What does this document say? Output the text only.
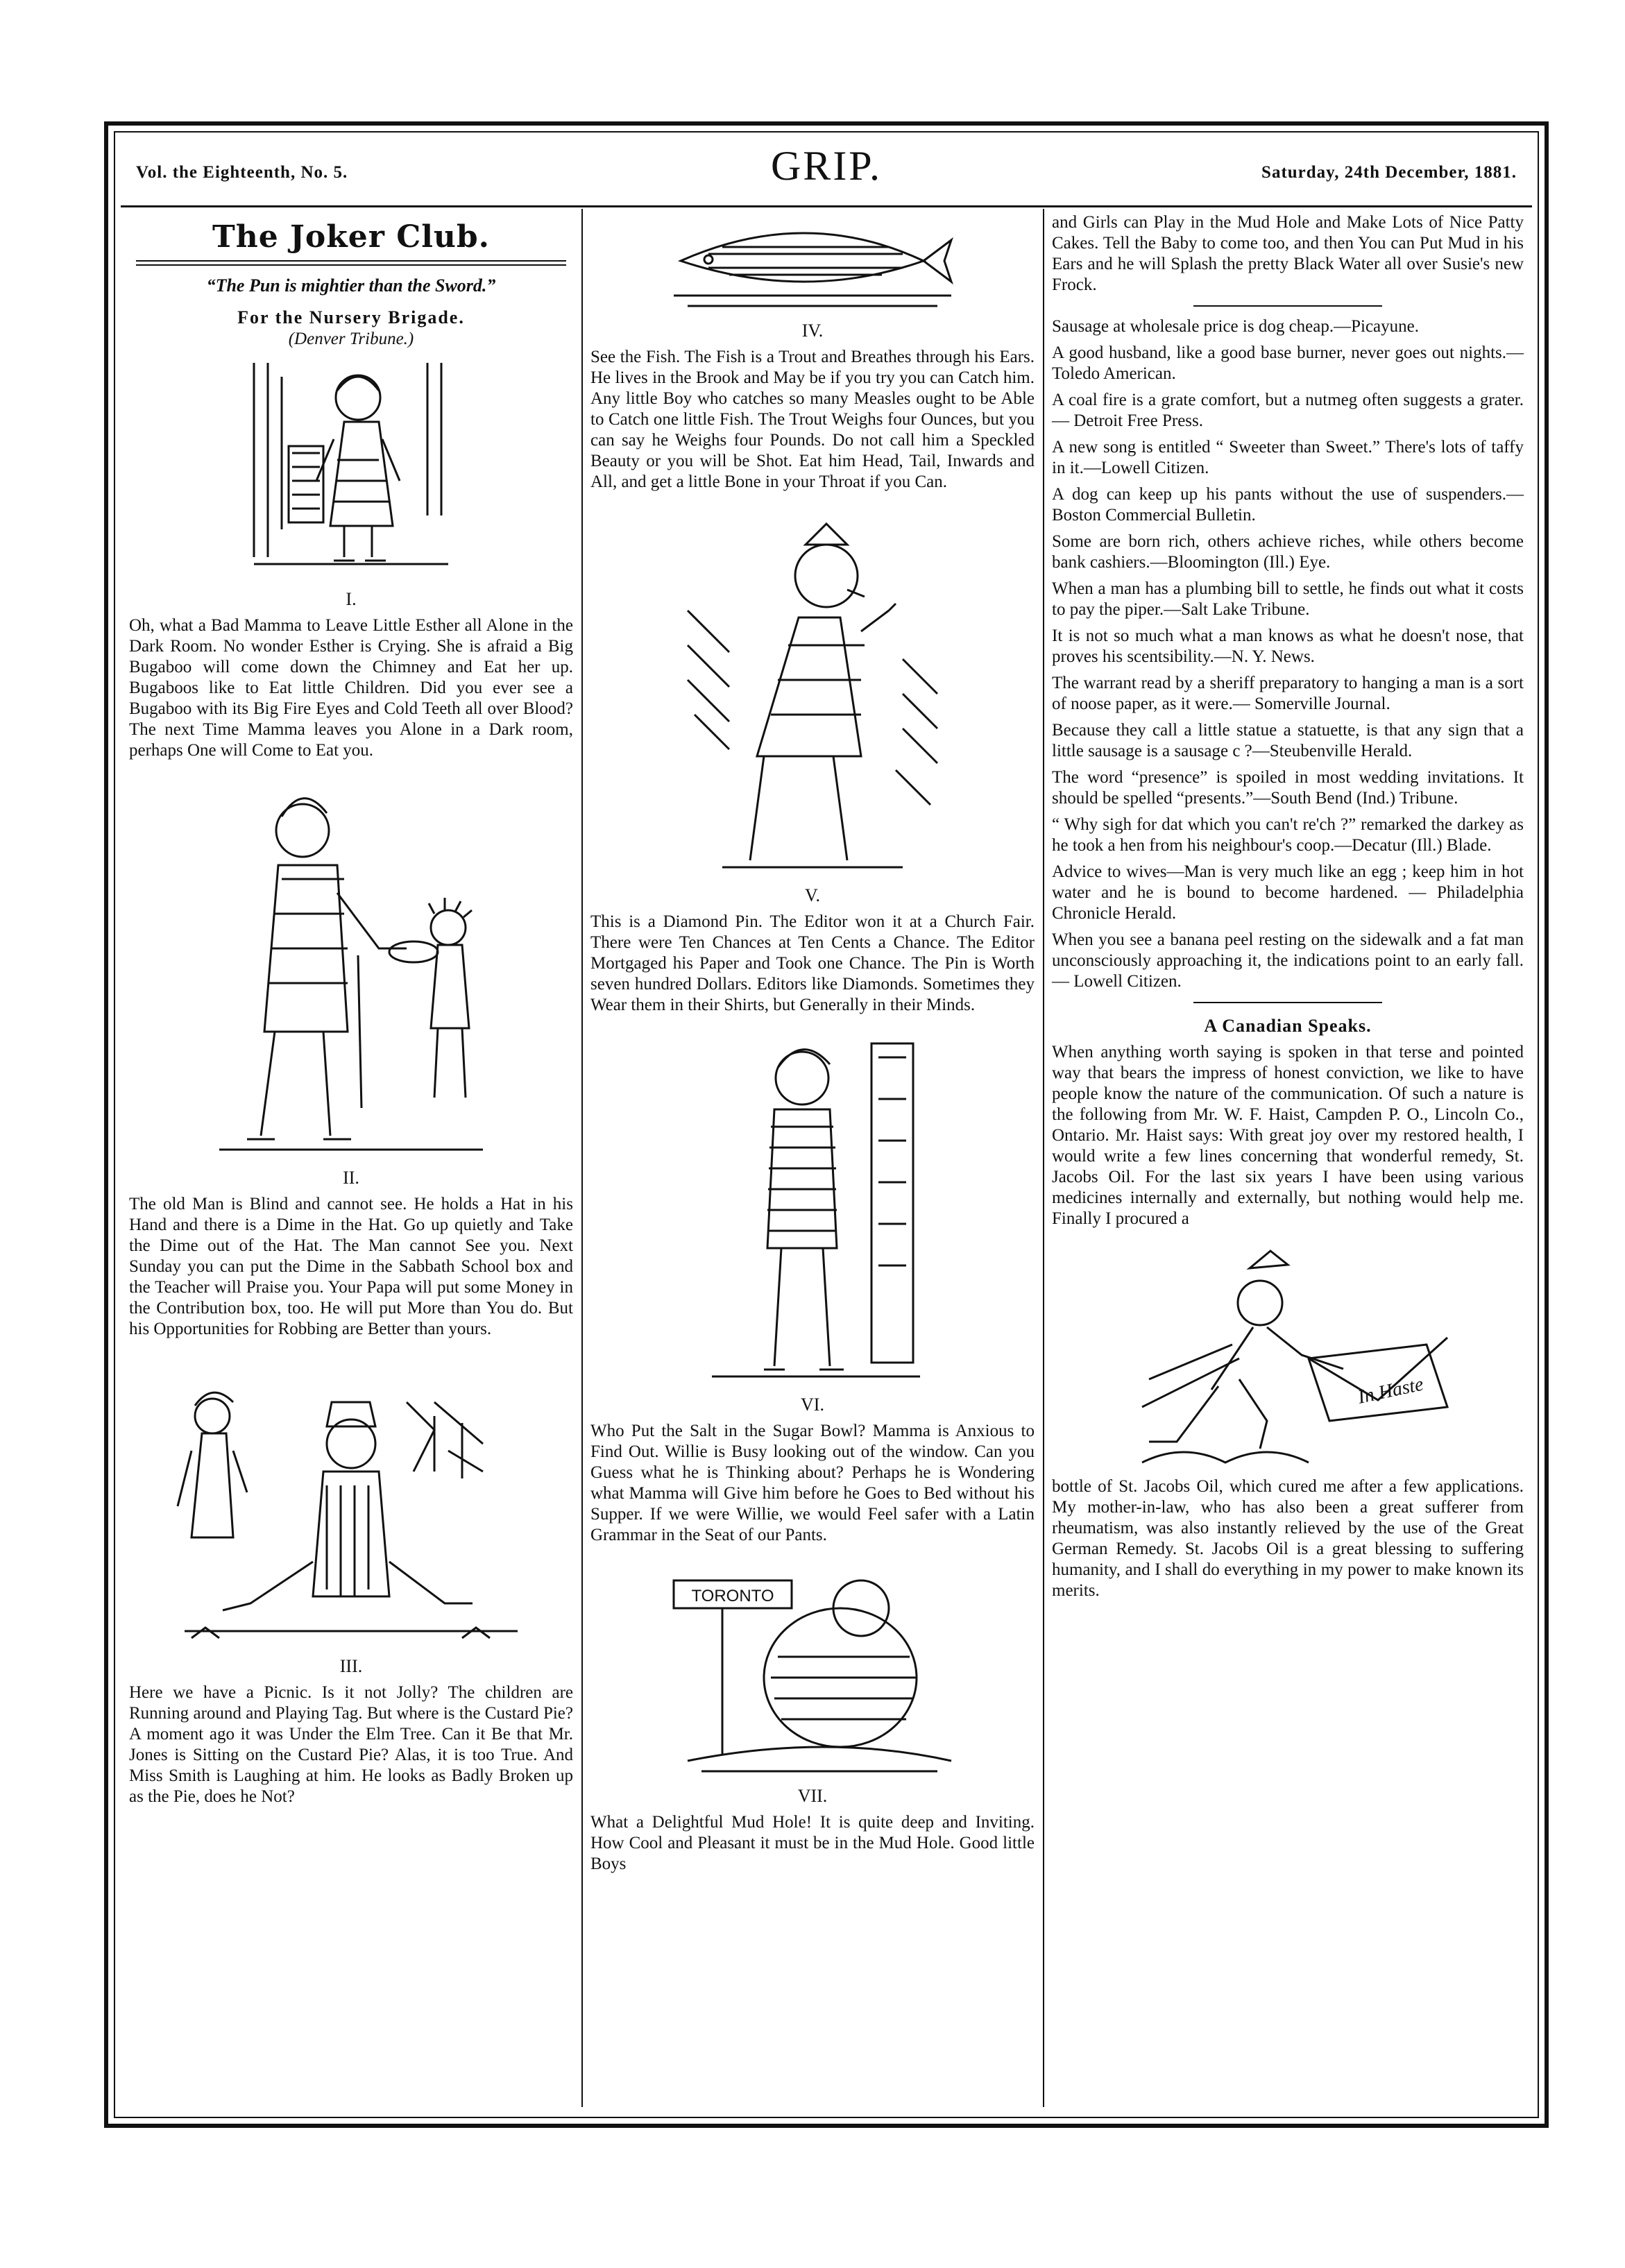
Vol. the Eighteenth, No. 5.	GRIP.	Saturday, 24th December, 1881.
The Joker Club.
“The Pun is mightier than the Sword.”
For the Nursery Brigade.
(Denver Tribune.)
I.

Oh, what a Bad Mamma to Leave Little Esther all Alone in the Dark Room. No wonder Esther is Crying. She is afraid a Big Bugaboo will come down the Chimney and Eat her up. Bugaboos like to Eat little Children. Did you ever see a Bugaboo with its Big Fire Eyes and Cold Teeth all over Blood? The next Time Mamma leaves you Alone in a Dark room, perhaps One will Come to Eat you.

II.

The old Man is Blind and cannot see. He holds a Hat in his Hand and there is a Dime in the Hat. Go up quietly and Take the Dime out of the Hat. The Man cannot See you. Next Sunday you can put the Dime in the Sabbath School box and the Teacher will Praise you. Your Papa will put some Money in the Contribution box, too. He will put More than You do. But his Opportunities for Robbing are Better than yours.

III.

Here we have a Picnic. Is it not Jolly? The children are Running around and Playing Tag. But where is the Custard Pie? A moment ago it was Under the Elm Tree. Can it Be that Mr. Jones is Sitting on the Custard Pie? Alas, it is too True. And Miss Smith is Laughing at him. He looks as Badly Broken up as the Pie, does he Not?

IV.

See the Fish. The Fish is a Trout and Breathes through his Ears. He lives in the Brook and May be if you try you can Catch him. Any little Boy who catches so many Measles ought to be Able to Catch one little Fish. The Trout Weighs four Ounces, but you can say he Weighs four Pounds. Do not call him a Speckled Beauty or you will be Shot. Eat him Head, Tail, Inwards and All, and get a little Bone in your Throat if you Can.

V.

This is a Diamond Pin. The Editor won it at a Church Fair. There were Ten Chances at Ten Cents a Chance. The Editor Mortgaged his Paper and Took one Chance. The Pin is Worth seven hundred Dollars. Editors like Diamonds. Sometimes they Wear them in their Shirts, but Generally in their Minds.

VI.

Who Put the Salt in the Sugar Bowl? Mamma is Anxious to Find Out. Willie is Busy looking out of the window. Can you Guess what he is Thinking about? Perhaps he is Wondering what Mamma will Give him before he Goes to Bed without his Supper. If we were Willie, we would Feel safer with a Latin Grammar in the Seat of our Pants.

TORONTO
VII.

What a Delightful Mud Hole! It is quite deep and Inviting. How Cool and Pleasant it must be in the Mud Hole. Good little Boys

and Girls can Play in the Mud Hole and Make Lots of Nice Patty Cakes. Tell the Baby to come too, and then You can Put Mud in his Ears and he will Splash the pretty Black Water all over Susie's new Frock.

Sausage at wholesale price is dog cheap.—Picayune.

A good husband, like a good base burner, never goes out nights.—Toledo American.

A coal fire is a grate comfort, but a nutmeg often suggests a grater.— Detroit Free Press.

A new song is entitled “ Sweeter than Sweet.” There's lots of taffy in it.—Lowell Citizen.

A dog can keep up his pants without the use of suspenders.—Boston Commercial Bulletin.

Some are born rich, others achieve riches, while others become bank cashiers.—Bloomington (Ill.) Eye.

When a man has a plumbing bill to settle, he finds out what it costs to pay the piper.—Salt Lake Tribune.

It is not so much what a man knows as what he doesn't nose, that proves his scentsibility.—N. Y. News.

The warrant read by a sheriff preparatory to hanging a man is a sort of noose paper, as it were.— Somerville Journal.

Because they call a little statue a statuette, is that any sign that a little sausage is a sausage c ?—Steubenville Herald.

The word “presence” is spoiled in most wedding invitations. It should be spelled “presents.”—South Bend (Ind.) Tribune.

“ Why sigh for dat which you can't re'ch ?” remarked the darkey as he took a hen from his neighbour's coop.—Decatur (Ill.) Blade.

Advice to wives—Man is very much like an egg ; keep him in hot water and he is bound to become hardened. — Philadelphia Chronicle Herald.

When you see a banana peel resting on the sidewalk and a fat man unconsciously approaching it, the indications point to an early fall.— Lowell Citizen.

A Canadian Speaks.

When anything worth saying is spoken in that terse and pointed way that bears the impress of honest conviction, we like to have people know the nature of the communication. Of such a nature is the following from Mr. W. F. Haist, Campden P. O., Lincoln Co., Ontario. Mr. Haist says: With great joy over my restored health, I would write a few lines concerning that wonderful remedy, St. Jacobs Oil. For the last six years I have been using various medicines internally and externally, but nothing would help me. Finally I procured a

In Haste

bottle of St. Jacobs Oil, which cured me after a few applications. My mother-in-law, who has also been a great sufferer from rheumatism, was also instantly relieved by the use of the Great German Remedy. St. Jacobs Oil is a great blessing to suffering humanity, and I shall do everything in my power to make known its merits.
